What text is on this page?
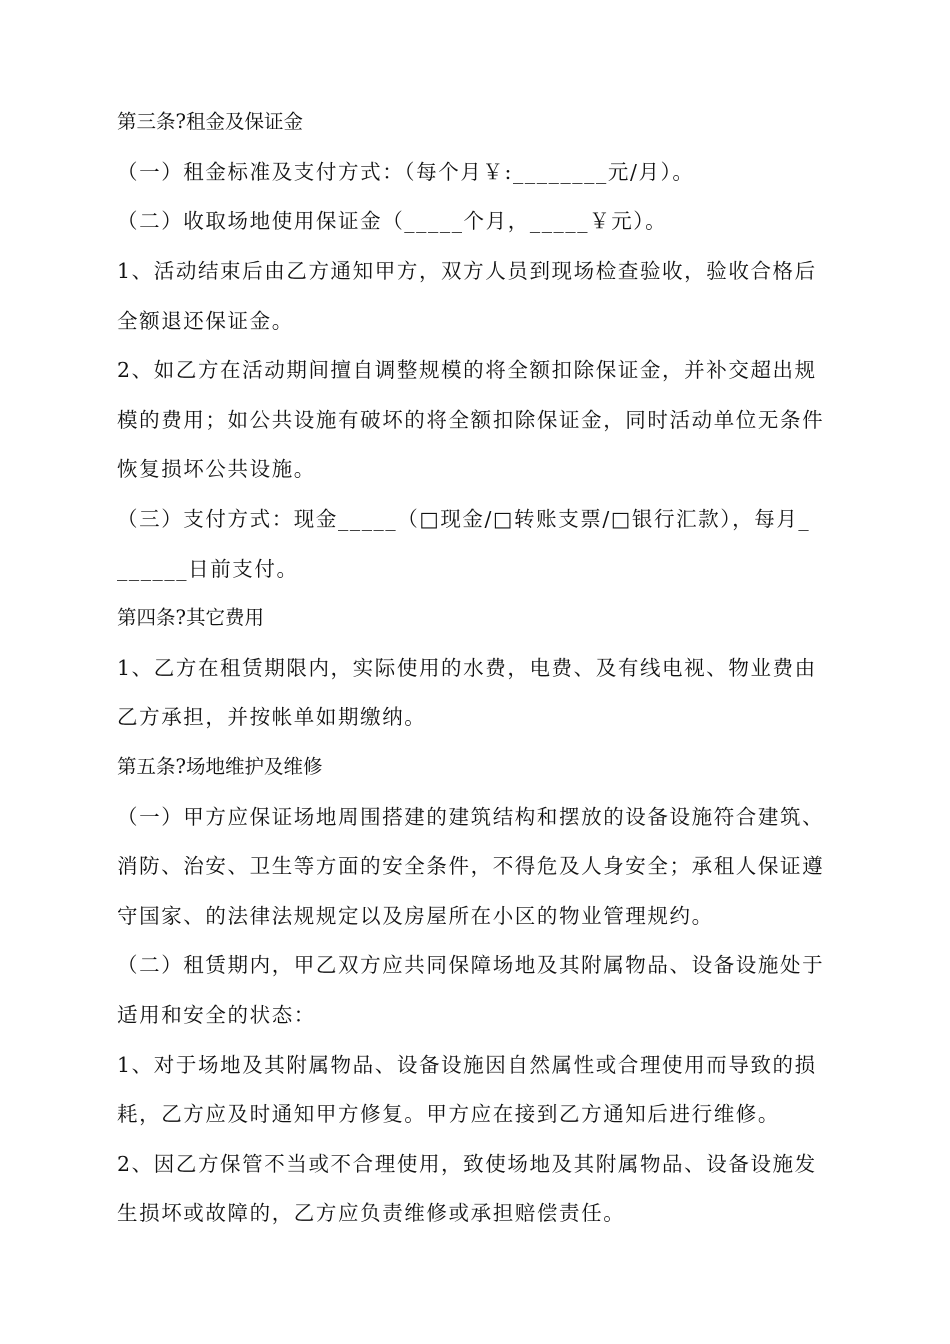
第三条?租金及保证金
（一）租金标准及支付方式：（每个月￥:________元/月）。
（二）收取场地使用保证金（_____个月，_____￥元）。
1、活动结束后由乙方通知甲方，双方人员到现场检查验收，验收合格后
全额退还保证金。
2、如乙方在活动期间擅自调整规模的将全额扣除保证金，并补交超出规
模的费用；如公共设施有破坏的将全额扣除保证金，同时活动单位无条件
恢复损坏公共设施。
（三）支付方式：现金_____（□现金/□转账支票/□银行汇款），每月_
______日前支付。
第四条?其它费用
1、乙方在租赁期限内，实际使用的水费，电费、及有线电视、物业费由
乙方承担，并按帐单如期缴纳。
第五条?场地维护及维修
（一）甲方应保证场地周围搭建的建筑结构和摆放的设备设施符合建筑、
消防、治安、卫生等方面的安全条件，不得危及人身安全；承租人保证遵
守国家、的法律法规规定以及房屋所在小区的物业管理规约。
（二）租赁期内，甲乙双方应共同保障场地及其附属物品、设备设施处于
适用和安全的状态：
1、对于场地及其附属物品、设备设施因自然属性或合理使用而导致的损
耗，乙方应及时通知甲方修复。甲方应在接到乙方通知后进行维修。
2、因乙方保管不当或不合理使用，致使场地及其附属物品、设备设施发
生损坏或故障的，乙方应负责维修或承担赔偿责任。
